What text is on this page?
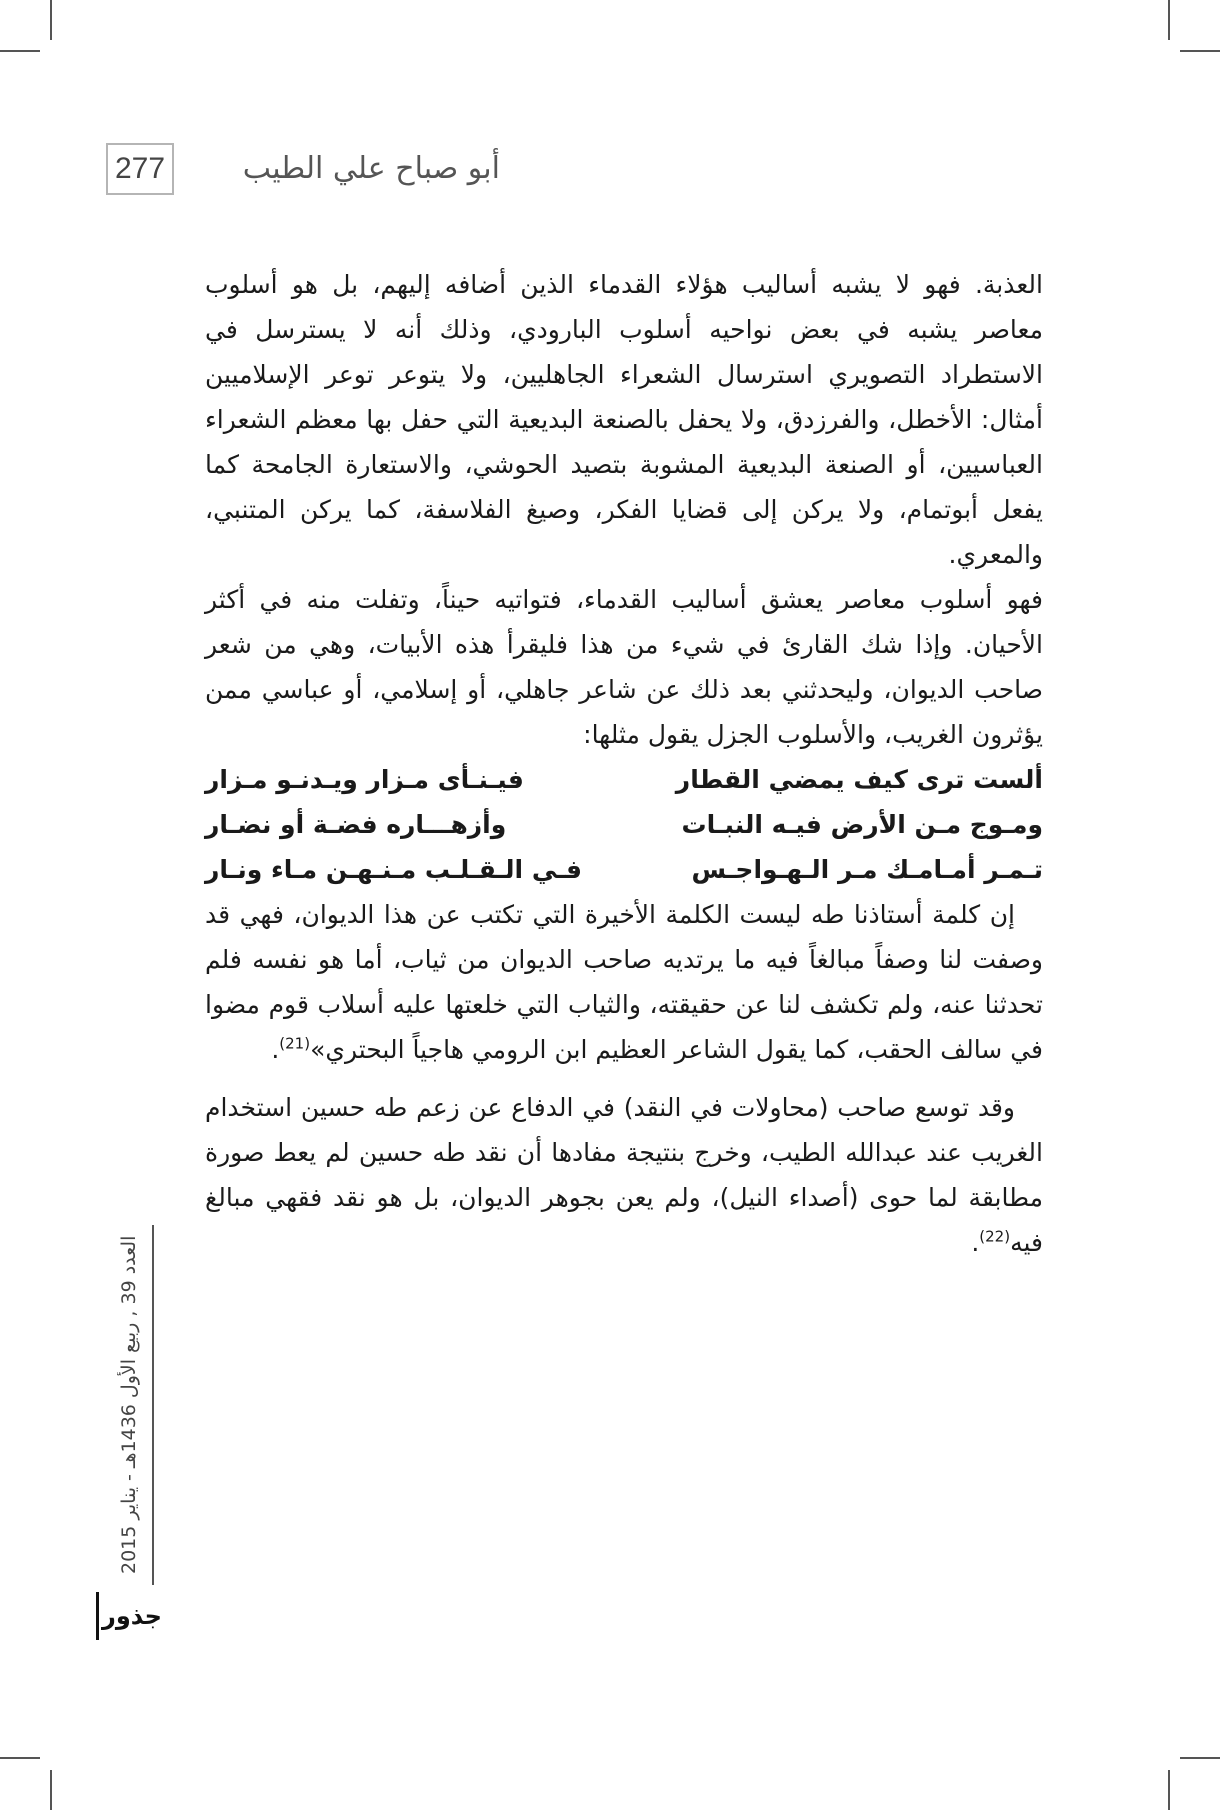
277	أبو صباح علي الطيب

العذبة. فهو لا يشبه أساليب هؤلاء القدماء الذين أضافه إليهم، بل هو أسلوب معاصر يشبه في بعض نواحيه أسلوب البارودي، وذلك أنه لا يسترسل في الاستطراد التصويري استرسال الشعراء الجاهليين، ولا يتوعر توعر الإسلاميين أمثال: الأخطل، والفرزدق، ولا يحفل بالصنعة البديعية التي حفل بها معظم الشعراء العباسيين، أو الصنعة البديعية المشوبة بتصيد الحوشي، والاستعارة الجامحة كما يفعل أبوتمام، ولا يركن إلى قضايا الفكر، وصيغ الفلاسفة، كما يركن المتنبي، والمعري.

فهو أسلوب معاصر يعشق أساليب القدماء، فتواتيه حيناً، وتفلت منه في أكثر الأحيان. وإذا شك القارئ في شيء من هذا فليقرأ هذه الأبيات، وهي من شعر صاحب الديوان، وليحدثني بعد ذلك عن شاعر جاهلي، أو إسلامي، أو عباسي ممن يؤثرون الغريب، والأسلوب الجزل يقول مثلها:

ألست ترى كيف يمضي القطار
فيـنـأى مـزار ويـدنـو مـزار
ومـوج مـن الأرض فيـه النبـات
وأزهـــاره فضـة أو نضـار
تـمـر أمـامـك مـر الـهـواجـس
فـي الـقـلـب مـنـهـن مـاء ونـار

إن كلمة أستاذنا طه ليست الكلمة الأخيرة التي تكتب عن هذا الديوان، فهي قد وصفت لنا وصفاً مبالغاً فيه ما يرتديه صاحب الديوان من ثياب، أما هو نفسه فلم تحدثنا عنه، ولم تكشف لنا عن حقيقته، والثياب التي خلعتها عليه أسلاب قوم مضوا في سالف الحقب، كما يقول الشاعر العظيم ابن الرومي هاجياً البحتري»$^{(21)}$.

وقد توسع صاحب (محاولات في النقد) في الدفاع عن زعم طه حسين استخدام الغريب عند عبدالله الطيب، وخرج بنتيجة مفادها أن نقد طه حسين لم يعط صورة مطابقة لما حوى (أصداء النيل)، ولم يعن بجوهر الديوان، بل هو نقد فقهي مبالغ فيه$^{(22)}$.

العدد 39 , ربيع الأول 1436هـ - يناير 2015
جذور
